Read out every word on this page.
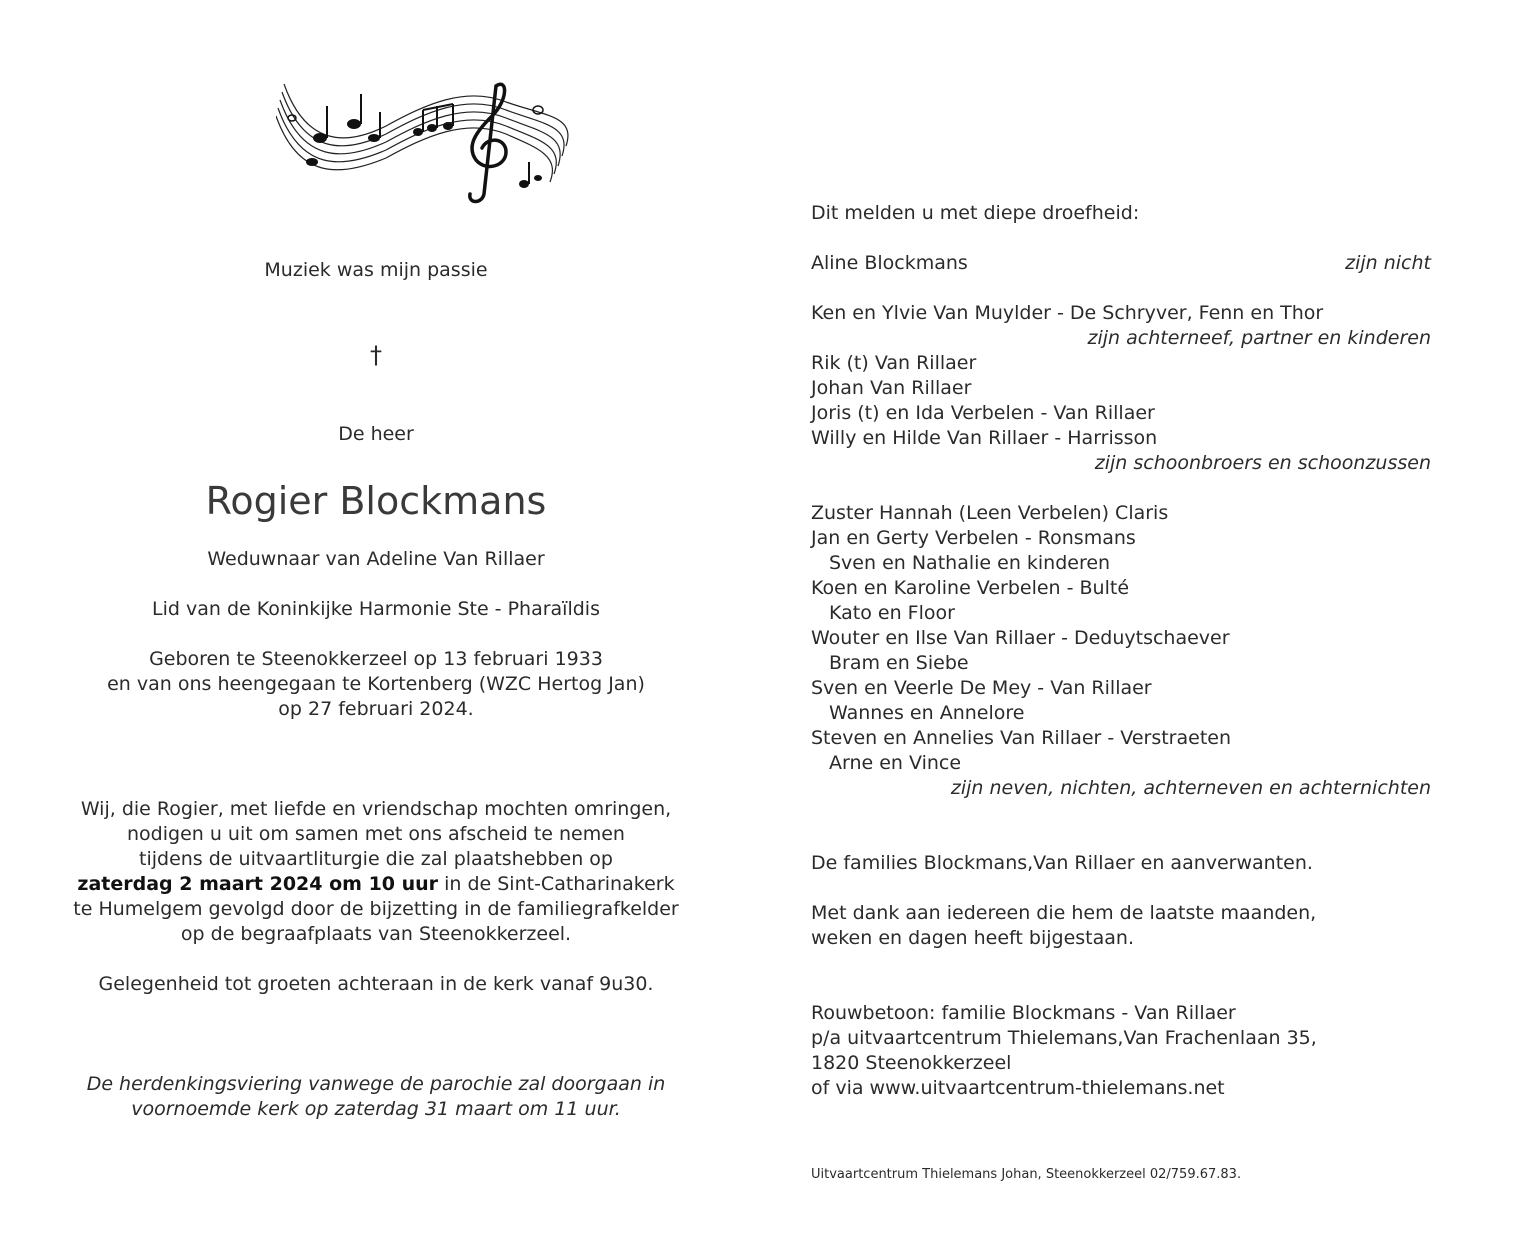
Muziek was mijn passie
†
De heer
Rogier Blockmans
Weduwnaar van Adeline Van Rillaer
Lid van de Koninkijke Harmonie Ste - Pharaïldis
Geboren te Steenokkerzeel op 13 februari 1933
en van ons heengegaan te Kortenberg (WZC Hertog Jan)
op 27 februari 2024.
Wij, die Rogier, met liefde en vriendschap mochten omringen,
nodigen u uit om samen met ons afscheid te nemen
tijdens de uitvaartliturgie die zal plaatshebben op
zaterdag 2 maart 2024 om 10 uur in de Sint-Catharinakerk
te Humelgem gevolgd door de bijzetting in de familiegrafkelder
op de begraafplaats van Steenokkerzeel.
Gelegenheid tot groeten achteraan in de kerk vanaf 9u30.
De herdenkingsviering vanwege de parochie zal doorgaan in
voornoemde kerk op zaterdag 31 maart om 11 uur.
Dit melden u met diepe droefheid:
Aline Blockmans	zijn nicht
Ken en Ylvie Van Muylder - De Schryver, Fenn en Thor
zijn achterneef, partner en kinderen
Rik (t) Van Rillaer
Johan Van Rillaer
Joris (t) en Ida Verbelen - Van Rillaer
Willy en Hilde Van Rillaer - Harrisson
zijn schoonbroers en schoonzussen
Zuster Hannah (Leen Verbelen) Claris
Jan en Gerty Verbelen - Ronsmans
Sven en Nathalie en kinderen
Koen en Karoline Verbelen - Bulté
Kato en Floor
Wouter en Ilse Van Rillaer - Deduytschaever
Bram en Siebe
Sven en Veerle De Mey - Van Rillaer
Wannes en Annelore
Steven en Annelies Van Rillaer - Verstraeten
Arne en Vince
zijn neven, nichten, achterneven en achternichten
De families Blockmans,Van Rillaer en aanverwanten.
Met dank aan iedereen die hem de laatste maanden,
weken en dagen heeft bijgestaan.
Rouwbetoon: familie Blockmans - Van Rillaer
p/a uitvaartcentrum Thielemans,Van Frachenlaan 35,
1820 Steenokkerzeel
of via www.uitvaartcentrum-thielemans.net
Uitvaartcentrum Thielemans Johan, Steenokkerzeel 02/759.67.83.
